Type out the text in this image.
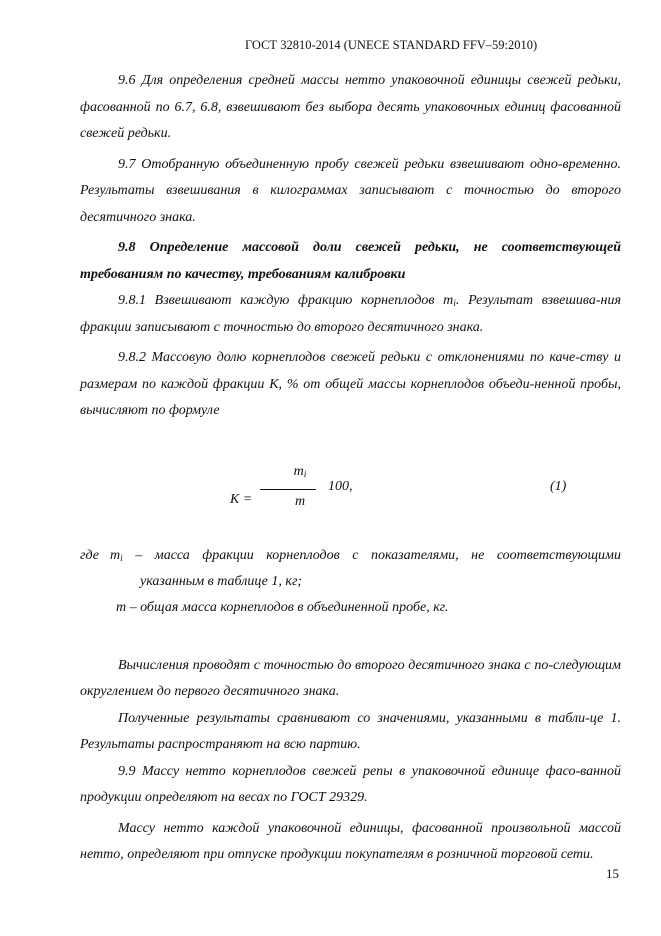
ГОСТ 32810-2014 (UNECE STANDARD FFV–59:2010)

9.6 Для определения средней массы нетто упаковочной единицы свежей редьки, фасованной по 6.7, 6.8, взвешивают без выбора десять упаковочных единиц фасованной свежей редьки.

9.7 Отобранную объединенную пробу свежей редьки взвешивают одно-временно. Результаты взвешивания в килограммах записывают с точностью до второго десятичного знака.

9.8 Определение массовой доли свежей редьки, не соответствующей требованиям по качеству, требованиям калибровки

9.8.1 Взвешивают каждую фракцию корнеплодов $m_i$. Результат взвешива-ния фракции записывают с точностью до второго десятичного знака.

9.8.2 Массовую долю корнеплодов свежей редьки с отклонениями по каче-ству и размерам по каждой фракции К, % от общей массы корнеплодов объеди-ненной пробы, вычисляют по формуле

К =
$m_i$
m
100,	(1)
где $m_i$ – масса фракции корнеплодов с показателями, не соответствующими
указанным в таблице 1, кг;
m – общая масса корнеплодов в объединенной пробе, кг.

Вычисления проводят с точностью до второго десятичного знака с по-следующим округлением до первого десятичного знака.

Полученные результаты сравнивают со значениями, указанными в табли-це 1. Результаты распространяют на всю партию.

9.9 Массу нетто корнеплодов свежей репы в упаковочной единице фасо-ванной продукции определяют на весах по ГОСТ 29329.

Массу нетто каждой упаковочной единицы, фасованной произвольной массой нетто, определяют при отпуске продукции покупателям в розничной торговой сети.

15
